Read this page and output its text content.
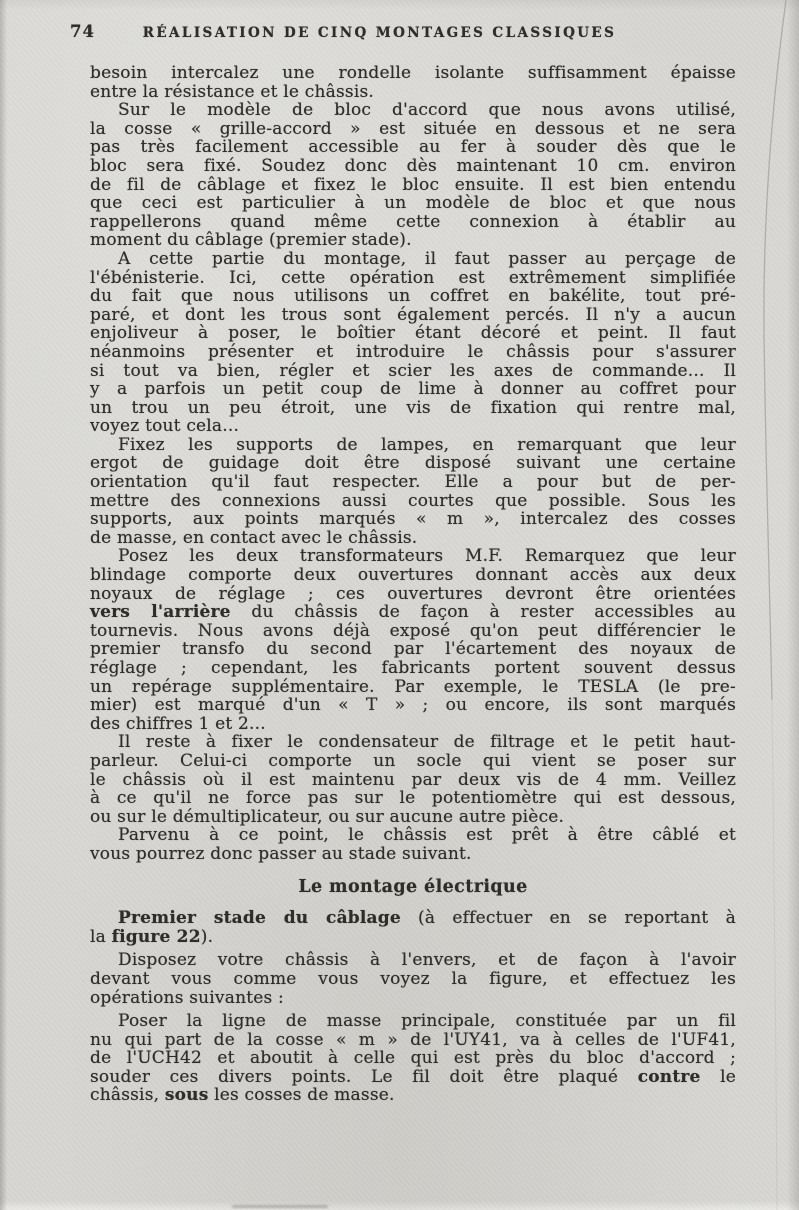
74	RÉALISATION DE CINQ MONTAGES CLASSIQUES
besoin intercalez une rondelle isolante suffisamment épaisse
entre la résistance et le châssis.
Sur le modèle de bloc d'accord que nous avons utilisé,
la cosse « grille-accord » est située en dessous et ne sera
pas très facilement accessible au fer à souder dès que le
bloc sera fixé. Soudez donc dès maintenant 10 cm. environ
de fil de câblage et fixez le bloc ensuite. Il est bien entendu
que ceci est particulier à un modèle de bloc et que nous
rappellerons quand même cette connexion à établir au
moment du câblage (premier stade).
A cette partie du montage, il faut passer au perçage de
l'ébénisterie. Ici, cette opération est extrêmement simplifiée
du fait que nous utilisons un coffret en bakélite, tout pré-
paré, et dont les trous sont également percés. Il n'y a aucun
enjoliveur à poser, le boîtier étant décoré et peint. Il faut
néanmoins présenter et introduire le châssis pour s'assurer
si tout va bien, régler et scier les axes de commande... Il
y a parfois un petit coup de lime à donner au coffret pour
un trou un peu étroit, une vis de fixation qui rentre mal,
voyez tout cela...
Fixez les supports de lampes, en remarquant que leur
ergot de guidage doit être disposé suivant une certaine
orientation qu'il faut respecter. Elle a pour but de per-
mettre des connexions aussi courtes que possible. Sous les
supports, aux points marqués « m », intercalez des cosses
de masse, en contact avec le châssis.
Posez les deux transformateurs M.F. Remarquez que leur
blindage comporte deux ouvertures donnant accès aux deux
noyaux de réglage ; ces ouvertures devront être orientées
vers l'arrière du châssis de façon à rester accessibles au
tournevis. Nous avons déjà exposé qu'on peut différencier le
premier transfo du second par l'écartement des noyaux de
réglage ; cependant, les fabricants portent souvent dessus
un repérage supplémentaire. Par exemple, le TESLA (le pre-
mier) est marqué d'un « T » ; ou encore, ils sont marqués
des chiffres 1 et 2...
Il reste à fixer le condensateur de filtrage et le petit haut-
parleur. Celui-ci comporte un socle qui vient se poser sur
le châssis où il est maintenu par deux vis de 4 mm. Veillez
à ce qu'il ne force pas sur le potentiomètre qui est dessous,
ou sur le démultiplicateur, ou sur aucune autre pièce.
Parvenu à ce point, le châssis est prêt à être câblé et
vous pourrez donc passer au stade suivant.
Le montage électrique
Premier stade du câblage (à effectuer en se reportant à
la figure 22).
Disposez votre châssis à l'envers, et de façon à l'avoir
devant vous comme vous voyez la figure, et effectuez les
opérations suivantes :
Poser la ligne de masse principale, constituée par un fil
nu qui part de la cosse « m » de l'UY41, va à celles de l'UF41,
de l'UCH42 et aboutit à celle qui est près du bloc d'accord ;
souder ces divers points. Le fil doit être plaqué contre le
châssis, sous les cosses de masse.
